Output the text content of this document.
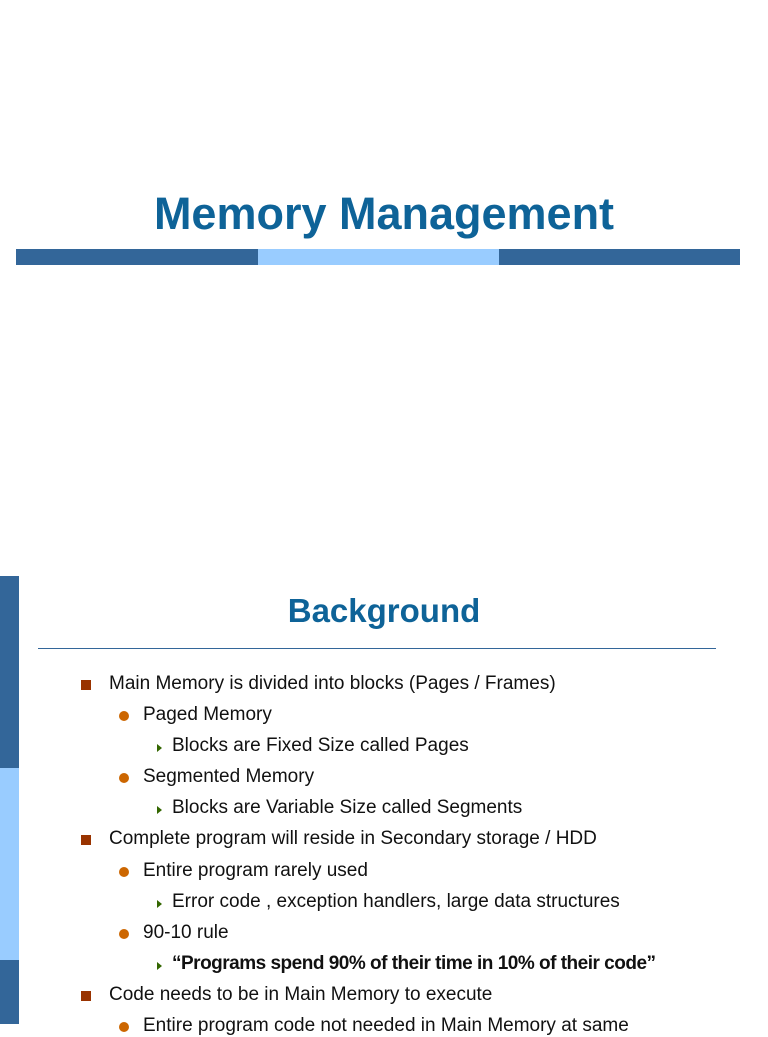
Memory Management
Background
Main Memory is divided into blocks (Pages / Frames)
Paged Memory
Blocks are Fixed Size called Pages
Segmented Memory
Blocks are Variable Size called Segments
Complete program will reside in Secondary storage / HDD
Entire program rarely used
Error code , exception handlers, large data structures
90-10 rule
“Programs spend 90% of their time in 10% of their code”
Code needs to be in Main Memory to execute
Entire program code not needed in Main Memory at same
